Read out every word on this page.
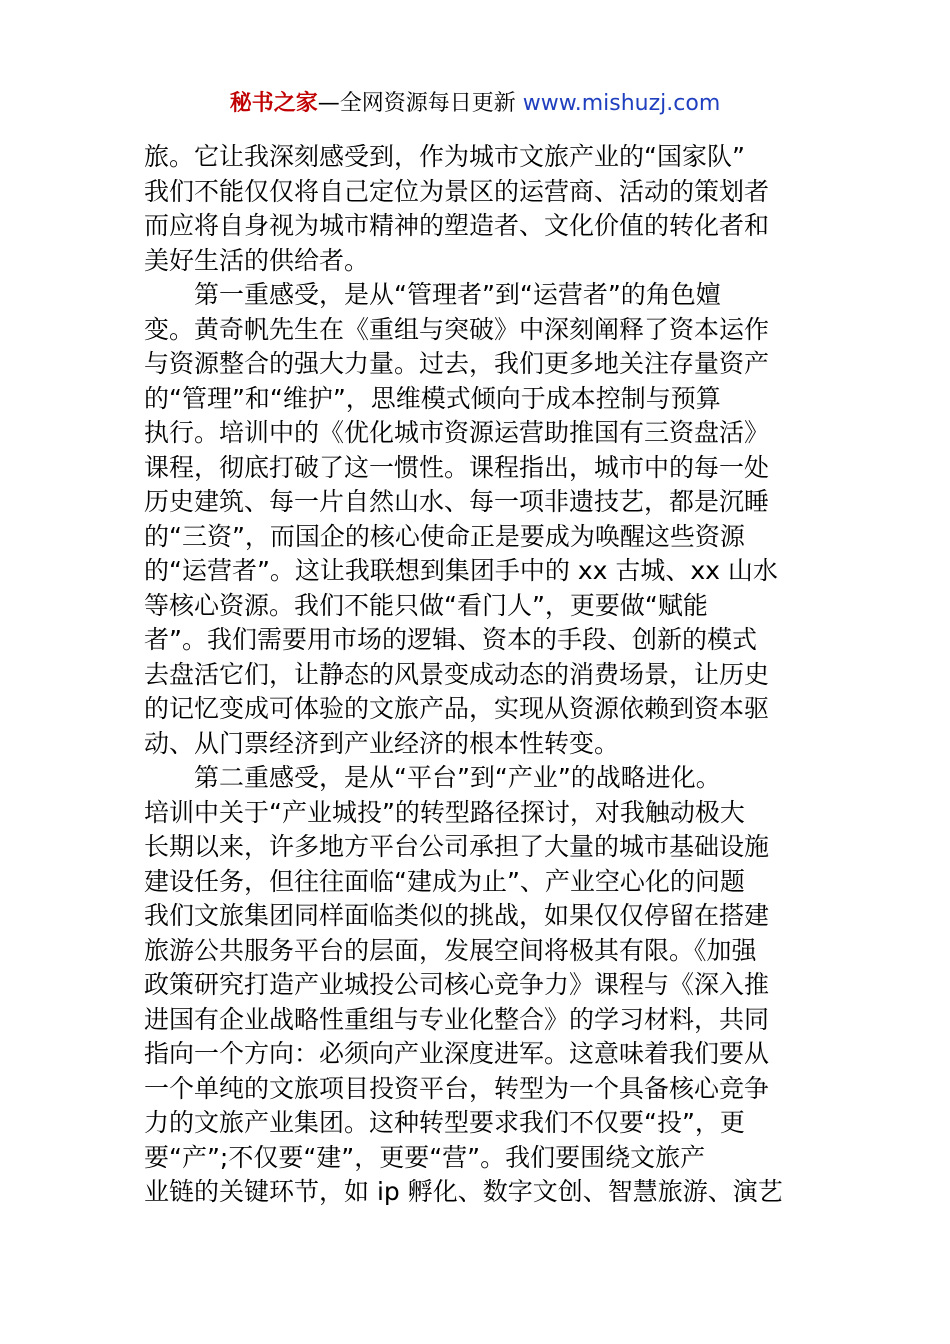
秘书之家—全网资源每日更新 www.mishuzj.com
旅。它让我深刻感受到，作为城市文旅产业的“国家队”
我们不能仅仅将自己定位为景区的运营商、活动的策划者
而应将自身视为城市精神的塑造者、文化价值的转化者和
美好生活的供给者。
第一重感受，是从“管理者”到“运营者”的角色嬗
变。黄奇帆先生在《重组与突破》中深刻阐释了资本运作
与资源整合的强大力量。过去，我们更多地关注存量资产
的“管理”和“维护”，思维模式倾向于成本控制与预算
执行。培训中的《优化城市资源运营助推国有三资盘活》
课程，彻底打破了这一惯性。课程指出，城市中的每一处
历史建筑、每一片自然山水、每一项非遗技艺，都是沉睡
的“三资”，而国企的核心使命正是要成为唤醒这些资源
的“运营者”。这让我联想到集团手中的 xx 古城、xx 山水
等核心资源。我们不能只做“看门人”，更要做“赋能
者”。我们需要用市场的逻辑、资本的手段、创新的模式
去盘活它们，让静态的风景变成动态的消费场景，让历史
的记忆变成可体验的文旅产品，实现从资源依赖到资本驱
动、从门票经济到产业经济的根本性转变。
第二重感受，是从“平台”到“产业”的战略进化。
培训中关于“产业城投”的转型路径探讨，对我触动极大
长期以来，许多地方平台公司承担了大量的城市基础设施
建设任务，但往往面临“建成为止”、产业空心化的问题
我们文旅集团同样面临类似的挑战，如果仅仅停留在搭建
旅游公共服务平台的层面，发展空间将极其有限。《加强
政策研究打造产业城投公司核心竞争力》课程与《深入推
进国有企业战略性重组与专业化整合》的学习材料，共同
指向一个方向：必须向产业深度进军。这意味着我们要从
一个单纯的文旅项目投资平台，转型为一个具备核心竞争
力的文旅产业集团。这种转型要求我们不仅要“投”，更
要“产”;不仅要“建”，更要“营”。我们要围绕文旅产
业链的关键环节，如 ip 孵化、数字文创、智慧旅游、演艺
